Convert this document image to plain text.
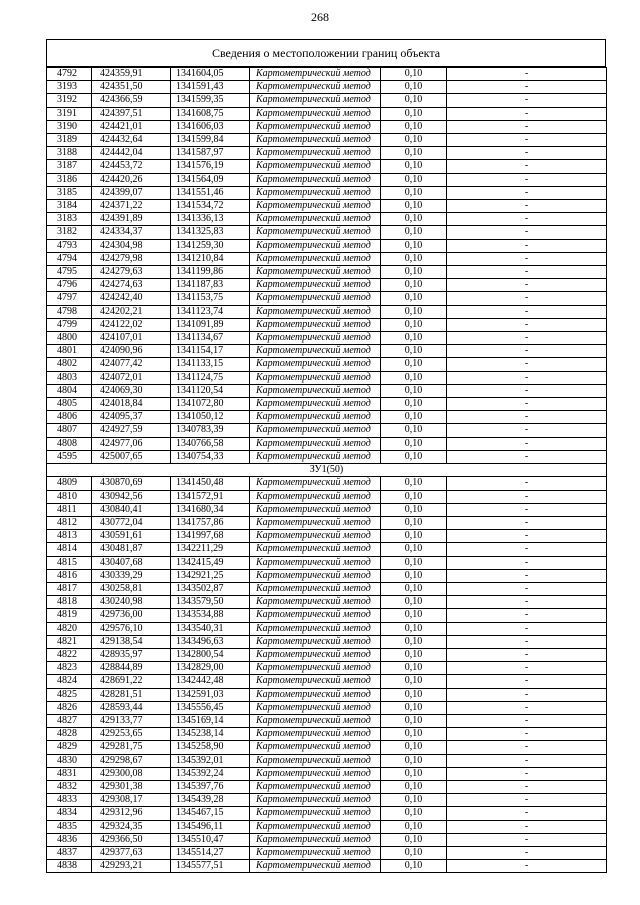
268
Сведения о местоположении границ объекта
4792	424359,91	1341604,05	Картометрический метод	0,10	-
3193	424351,50	1341591,43	Картометрический метод	0,10	-
3192	424366,59	1341599,35	Картометрический метод	0,10	-
3191	424397,51	1341608,75	Картометрический метод	0,10	-
3190	424421,01	1341606,03	Картометрический метод	0,10	-
3189	424432,64	1341599,84	Картометрический метод	0,10	-
3188	424442,04	1341587,97	Картометрический метод	0,10	-
3187	424453,72	1341576,19	Картометрический метод	0,10	-
3186	424420,26	1341564,09	Картометрический метод	0,10	-
3185	424399,07	1341551,46	Картометрический метод	0,10	-
3184	424371,22	1341534,72	Картометрический метод	0,10	-
3183	424391,89	1341336,13	Картометрический метод	0,10	-
3182	424334,37	1341325,83	Картометрический метод	0,10	-
4793	424304,98	1341259,30	Картометрический метод	0,10	-
4794	424279,98	1341210,84	Картометрический метод	0,10	-
4795	424279,63	1341199,86	Картометрический метод	0,10	-
4796	424274,63	1341187,83	Картометрический метод	0,10	-
4797	424242,40	1341153,75	Картометрический метод	0,10	-
4798	424202,21	1341123,74	Картометрический метод	0,10	-
4799	424122,02	1341091,89	Картометрический метод	0,10	-
4800	424107,01	1341134,67	Картометрический метод	0,10	-
4801	424090,96	1341154,17	Картометрический метод	0,10	-
4802	424077,42	1341133,15	Картометрический метод	0,10	-
4803	424072,01	1341124,75	Картометрический метод	0,10	-
4804	424069,30	1341120,54	Картометрический метод	0,10	-
4805	424018,84	1341072,80	Картометрический метод	0,10	-
4806	424095,37	1341050,12	Картометрический метод	0,10	-
4807	424927,59	1340783,39	Картометрический метод	0,10	-
4808	424977,06	1340766,58	Картометрический метод	0,10	-
4595	425007,65	1340754,33	Картометрический метод	0,10	-
ЗУ1(50)					
4809	430870,69	1341450,48	Картометрический метод	0,10	-
4810	430942,56	1341572,91	Картометрический метод	0,10	-
4811	430840,41	1341680,34	Картометрический метод	0,10	-
4812	430772,04	1341757,86	Картометрический метод	0,10	-
4813	430591,61	1341997,68	Картометрический метод	0,10	-
4814	430481,87	1342211,29	Картометрический метод	0,10	-
4815	430407,68	1342415,49	Картометрический метод	0,10	-
4816	430339,29	1342921,25	Картометрический метод	0,10	-
4817	430258,81	1343502,87	Картометрический метод	0,10	-
4818	430240,98	1343579,50	Картометрический метод	0,10	-
4819	429736,00	1343534,88	Картометрический метод	0,10	-
4820	429576,10	1343540,31	Картометрический метод	0,10	-
4821	429138,54	1343496,63	Картометрический метод	0,10	-
4822	428935,97	1342800,54	Картометрический метод	0,10	-
4823	428844,89	1342829,00	Картометрический метод	0,10	-
4824	428691,22	1342442,48	Картометрический метод	0,10	-
4825	428281,51	1342591,03	Картометрический метод	0,10	-
4826	428593,44	1345556,45	Картометрический метод	0,10	-
4827	429133,77	1345169,14	Картометрический метод	0,10	-
4828	429253,65	1345238,14	Картометрический метод	0,10	-
4829	429281,75	1345258,90	Картометрический метод	0,10	-
4830	429298,67	1345392,01	Картометрический метод	0,10	-
4831	429300,08	1345392,24	Картометрический метод	0,10	-
4832	429301,38	1345397,76	Картометрический метод	0,10	-
4833	429308,17	1345439,28	Картометрический метод	0,10	-
4834	429312,96	1345467,15	Картометрический метод	0,10	-
4835	429324,35	1345496,11	Картометрический метод	0,10	-
4836	429366,50	1345510,47	Картометрический метод	0,10	-
4837	429377,63	1345514,27	Картометрический метод	0,10	-
4838	429293,21	1345577,51	Картометрический метод	0,10	-
